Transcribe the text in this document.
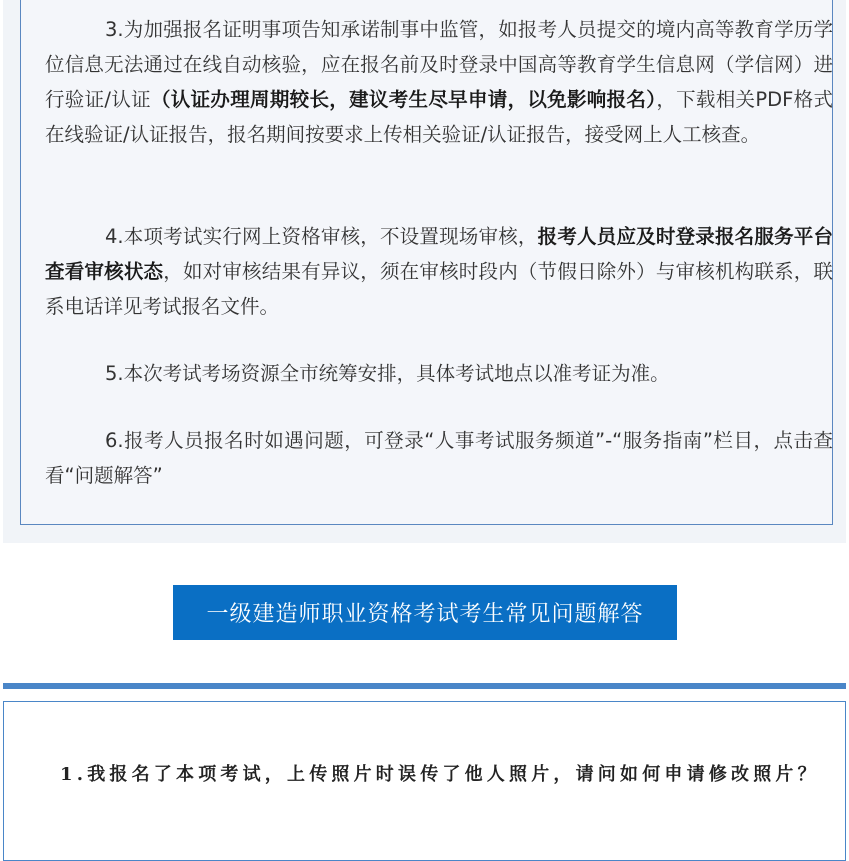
3.为加强报名证明事项告知承诺制事中监管，如报考人员提交的境内高等教育学历学位信息无法通过在线自动核验，应在报名前及时登录中国高等教育学生信息网（学信网）进行验证/认证（认证办理周期较长，建议考生尽早申请，以免影响报名），下载相关PDF格式在线验证/认证报告，报名期间按要求上传相关验证/认证报告，接受网上人工核查。

4.本项考试实行网上资格审核，不设置现场审核，报考人员应及时登录报名服务平台查看审核状态，如对审核结果有异议，须在审核时段内（节假日除外）与审核机构联系，联系电话详见考试报名文件。

5.本次考试考场资源全市统筹安排，具体考试地点以准考证为准。

6.报考人员报名时如遇问题，可登录“人事考试服务频道”-“服务指南”栏目，点击查看“问题解答”

一级建造师职业资格考试考生常见问题解答

1.我报名了本项考试，上传照片时误传了他人照片，请问如何申请修改照片？
